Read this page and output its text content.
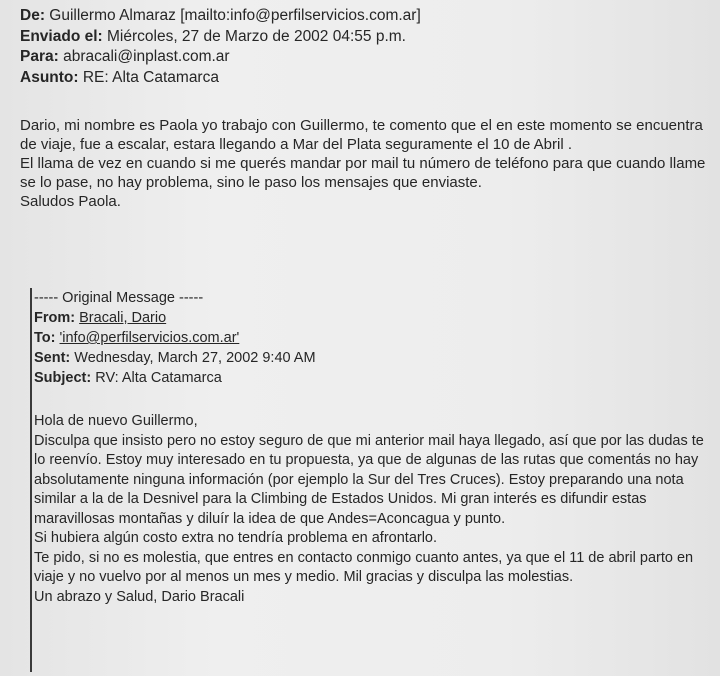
De: Guillermo Almaraz [mailto:info@perfilservicios.com.ar]
Enviado el: Miércoles, 27 de Marzo de 2002 04:55 p.m.
Para: abracali@inplast.com.ar
Asunto: RE: Alta Catamarca

Dario, mi nombre es Paola yo trabajo con Guillermo, te comento que el en este momento se encuentra de viaje, fue a escalar, estara llegando a Mar del Plata seguramente el 10 de Abril .

El llama de vez en cuando si me querés mandar por mail tu número de teléfono para que cuando llame se lo pase, no hay problema, sino le paso los mensajes que enviaste.

Saludos Paola.

----- Original Message -----
From: Bracali, Dario
To: 'info@perfilservicios.com.ar'
Sent: Wednesday, March 27, 2002 9:40 AM
Subject: RV: Alta Catamarca

Hola de nuevo Guillermo,

Disculpa que insisto pero no estoy seguro de que mi anterior mail haya llegado, así que por las dudas te lo reenvío. Estoy muy interesado en tu propuesta, ya que de algunas de las rutas que comentás no hay absolutamente ninguna información (por ejemplo la Sur del Tres Cruces). Estoy preparando una nota similar a la de la Desnivel para la Climbing de Estados Unidos. Mi gran interés es difundir estas maravillosas montañas y diluír la idea de que Andes=Aconcagua y punto.

Si hubiera algún costo extra no tendría problema en afrontarlo.

Te pido, si no es molestia, que entres en contacto conmigo cuanto antes, ya que el 11 de abril parto en viaje y no vuelvo por al menos un mes y medio. Mil gracias y disculpa las molestias.

Un abrazo y Salud, Dario Bracali
